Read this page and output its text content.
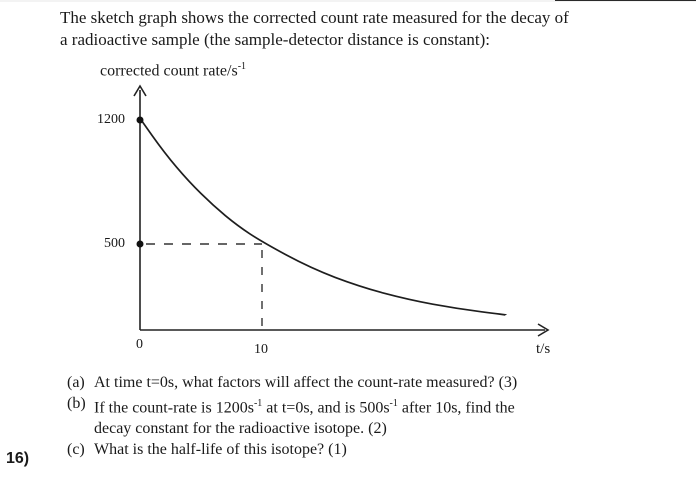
The sketch graph shows the corrected count rate measured for the decay of
a radioactive sample (the sample-detector distance is constant):
corrected count rate/$s^{-1}$
1200
500
0	10	t/s
(a) At time t=0s, what factors will affect the count-rate measured? (3)
(b) If the count-rate is $1200s^{-1}$ at t=0s, and is $500s^{-1}$ after 10s, find the
decay constant for the radioactive isotope. (2)
(c) What is the half-life of this isotope? (1)
16)
